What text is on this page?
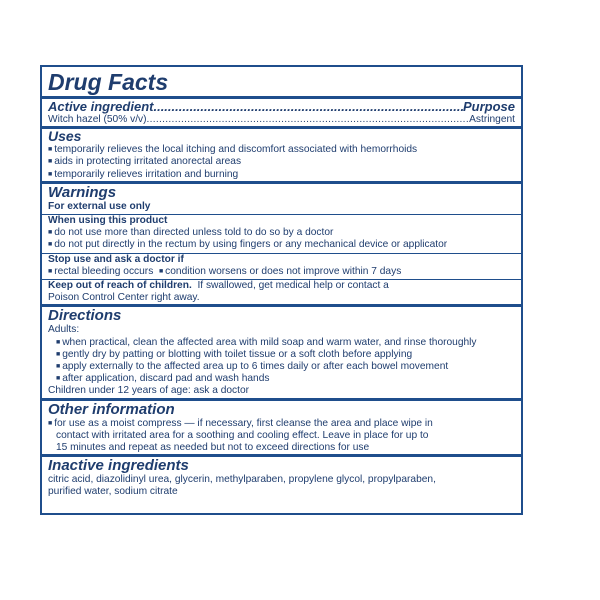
Drug Facts
Active ingredient .....	Purpose
Witch hazel (50% v/v) .....	Astringent
Uses
■ temporarily relieves the local itching and discomfort associated with hemorrhoids
■ aids in protecting irritated anorectal areas
■ temporarily relieves irritation and burning
Warnings
For external use only
When using this product
■ do not use more than directed unless told to do so by a doctor
■ do not put directly in the rectum by using fingers or any mechanical device or applicator
Stop use and ask a doctor if
■ rectal bleeding occurs ■ condition worsens or does not improve within 7 days
Keep out of reach of children. If swallowed, get medical help or contact a
Poison Control Center right away.
Directions
Adults:
■ when practical, clean the affected area with mild soap and warm water, and rinse thoroughly
■ gently dry by patting or blotting with toilet tissue or a soft cloth before applying
■ apply externally to the affected area up to 6 times daily or after each bowel movement
■ after application, discard pad and wash hands
Children under 12 years of age: ask a doctor
Other information
■ for use as a moist compress — if necessary, first cleanse the area and place wipe in
contact with irritated area for a soothing and cooling effect. Leave in place for up to
15 minutes and repeat as needed but not to exceed directions for use
Inactive ingredients
citric acid, diazolidinyl urea, glycerin, methylparaben, propylene glycol, propylparaben,
purified water, sodium citrate
